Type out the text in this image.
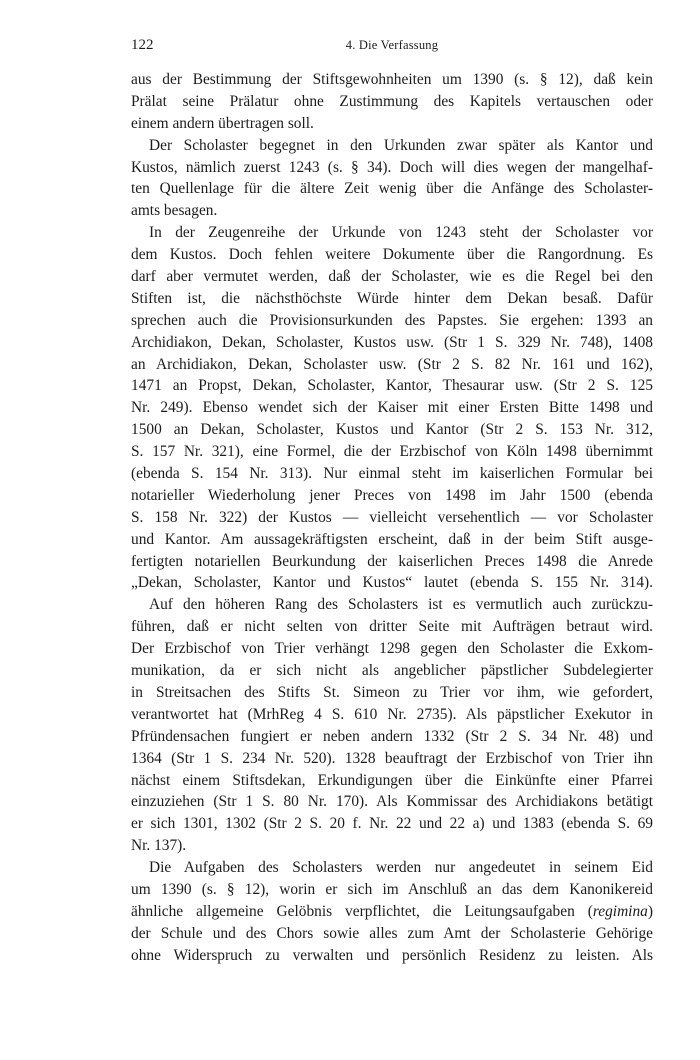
122	4. Die Verfassung
aus der Bestimmung der Stiftsgewohnheiten um 1390 (s. § 12), daß kein
Prälat seine Prälatur ohne Zustimmung des Kapitels vertauschen oder
einem andern übertragen soll.
Der Scholaster begegnet in den Urkunden zwar später als Kantor und
Kustos, nämlich zuerst 1243 (s. § 34). Doch will dies wegen der mangelhaf-
ten Quellenlage für die ältere Zeit wenig über die Anfänge des Scholaster-
amts besagen.
In der Zeugenreihe der Urkunde von 1243 steht der Scholaster vor
dem Kustos. Doch fehlen weitere Dokumente über die Rangordnung. Es
darf aber vermutet werden, daß der Scholaster, wie es die Regel bei den
Stiften ist, die nächsthöchste Würde hinter dem Dekan besaß. Dafür
sprechen auch die Provisionsurkunden des Papstes. Sie ergehen: 1393 an
Archidiakon, Dekan, Scholaster, Kustos usw. (Str 1 S. 329 Nr. 748), 1408
an Archidiakon, Dekan, Scholaster usw. (Str 2 S. 82 Nr. 161 und 162),
1471 an Propst, Dekan, Scholaster, Kantor, Thesaurar usw. (Str 2 S. 125
Nr. 249). Ebenso wendet sich der Kaiser mit einer Ersten Bitte 1498 und
1500 an Dekan, Scholaster, Kustos und Kantor (Str 2 S. 153 Nr. 312,
S. 157 Nr. 321), eine Formel, die der Erzbischof von Köln 1498 übernimmt
(ebenda S. 154 Nr. 313). Nur einmal steht im kaiserlichen Formular bei
notarieller Wiederholung jener Preces von 1498 im Jahr 1500 (ebenda
S. 158 Nr. 322) der Kustos — vielleicht versehentlich — vor Scholaster
und Kantor. Am aussagekräftigsten erscheint, daß in der beim Stift ausge-
fertigten notariellen Beurkundung der kaiserlichen Preces 1498 die Anrede
„Dekan, Scholaster, Kantor und Kustos“ lautet (ebenda S. 155 Nr. 314).
Auf den höheren Rang des Scholasters ist es vermutlich auch zurückzu-
führen, daß er nicht selten von dritter Seite mit Aufträgen betraut wird.
Der Erzbischof von Trier verhängt 1298 gegen den Scholaster die Exkom-
munikation, da er sich nicht als angeblicher päpstlicher Subdelegierter
in Streitsachen des Stifts St. Simeon zu Trier vor ihm, wie gefordert,
verantwortet hat (MrhReg 4 S. 610 Nr. 2735). Als päpstlicher Exekutor in
Pfründensachen fungiert er neben andern 1332 (Str 2 S. 34 Nr. 48) und
1364 (Str 1 S. 234 Nr. 520). 1328 beauftragt der Erzbischof von Trier ihn
nächst einem Stiftsdekan, Erkundigungen über die Einkünfte einer Pfarrei
einzuziehen (Str 1 S. 80 Nr. 170). Als Kommissar des Archidiakons betätigt
er sich 1301, 1302 (Str 2 S. 20 f. Nr. 22 und 22 a) und 1383 (ebenda S. 69
Nr. 137).
Die Aufgaben des Scholasters werden nur angedeutet in seinem Eid
um 1390 (s. § 12), worin er sich im Anschluß an das dem Kanonikereid
ähnliche allgemeine Gelöbnis verpflichtet, die Leitungsaufgaben (regimina)
der Schule und des Chors sowie alles zum Amt der Scholasterie Gehörige
ohne Widerspruch zu verwalten und persönlich Residenz zu leisten. Als
